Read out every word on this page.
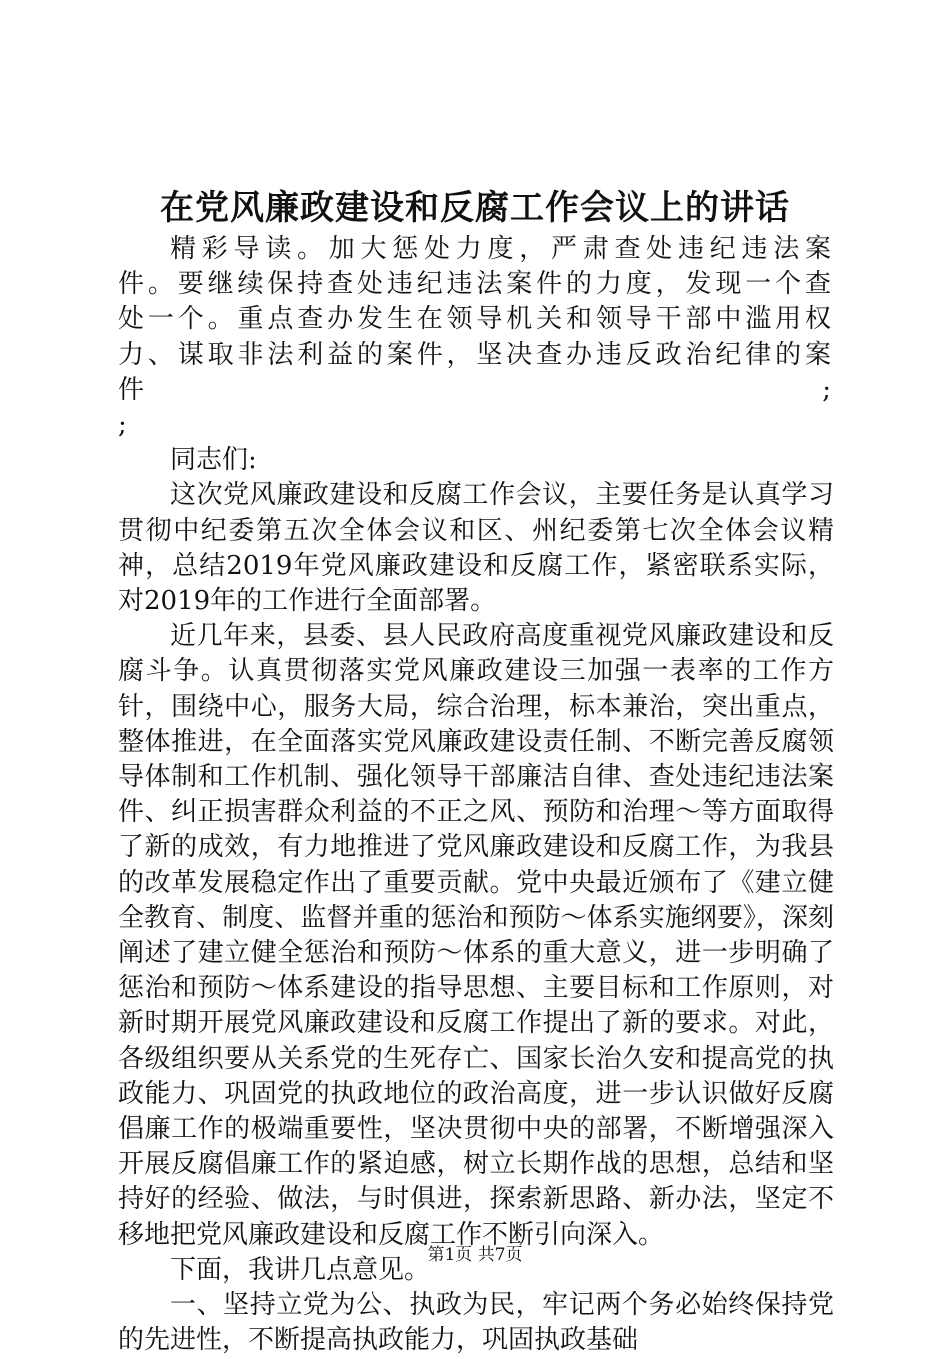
在党风廉政建设和反腐工作会议上的讲话

精彩导读。加大惩处力度，严肃查处违纪违法案件。要继续保持查处违纪违法案件的力度，发现一个查处一个。重点查办发生在领导机关和领导干部中滥用权力、谋取非法利益的案件，坚决查办违反政治纪律的案件	;

;

同志们:

这次党风廉政建设和反腐工作会议，主要任务是认真学习贯彻中纪委第五次全体会议和区、州纪委第七次全体会议精神，总结2019年党风廉政建设和反腐工作，紧密联系实际，对2019年的工作进行全面部署。

近几年来，县委、县人民政府高度重视党风廉政建设和反腐斗争。认真贯彻落实党风廉政建设三加强一表率的工作方针，围绕中心，服务大局，综合治理，标本兼治，突出重点，整体推进，在全面落实党风廉政建设责任制、不断完善反腐领导体制和工作机制、强化领导干部廉洁自律、查处违纪违法案件、纠正损害群众利益的不正之风、预防和治理～等方面取得了新的成效，有力地推进了党风廉政建设和反腐工作，为我县的改革发展稳定作出了重要贡献。党中央最近颁布了《建立健全教育、制度、监督并重的惩治和预防～体系实施纲要》，深刻阐述了建立健全惩治和预防～体系的重大意义，进一步明确了惩治和预防～体系建设的指导思想、主要目标和工作原则，对新时期开展党风廉政建设和反腐工作提出了新的要求。对此，各级组织要从关系党的生死存亡、国家长治久安和提高党的执政能力、巩固党的执政地位的政治高度，进一步认识做好反腐倡廉工作的极端重要性，坚决贯彻中央的部署，不断增强深入开展反腐倡廉工作的紧迫感，树立长期作战的思想，总结和坚持好的经验、做法，与时俱进，探索新思路、新办法，坚定不移地把党风廉政建设和反腐工作不断引向深入。

下面，我讲几点意见。

一、坚持立党为公、执政为民，牢记两个务必始终保持党的先进性，不断提高执政能力，巩固执政基础

第1页 共7页
